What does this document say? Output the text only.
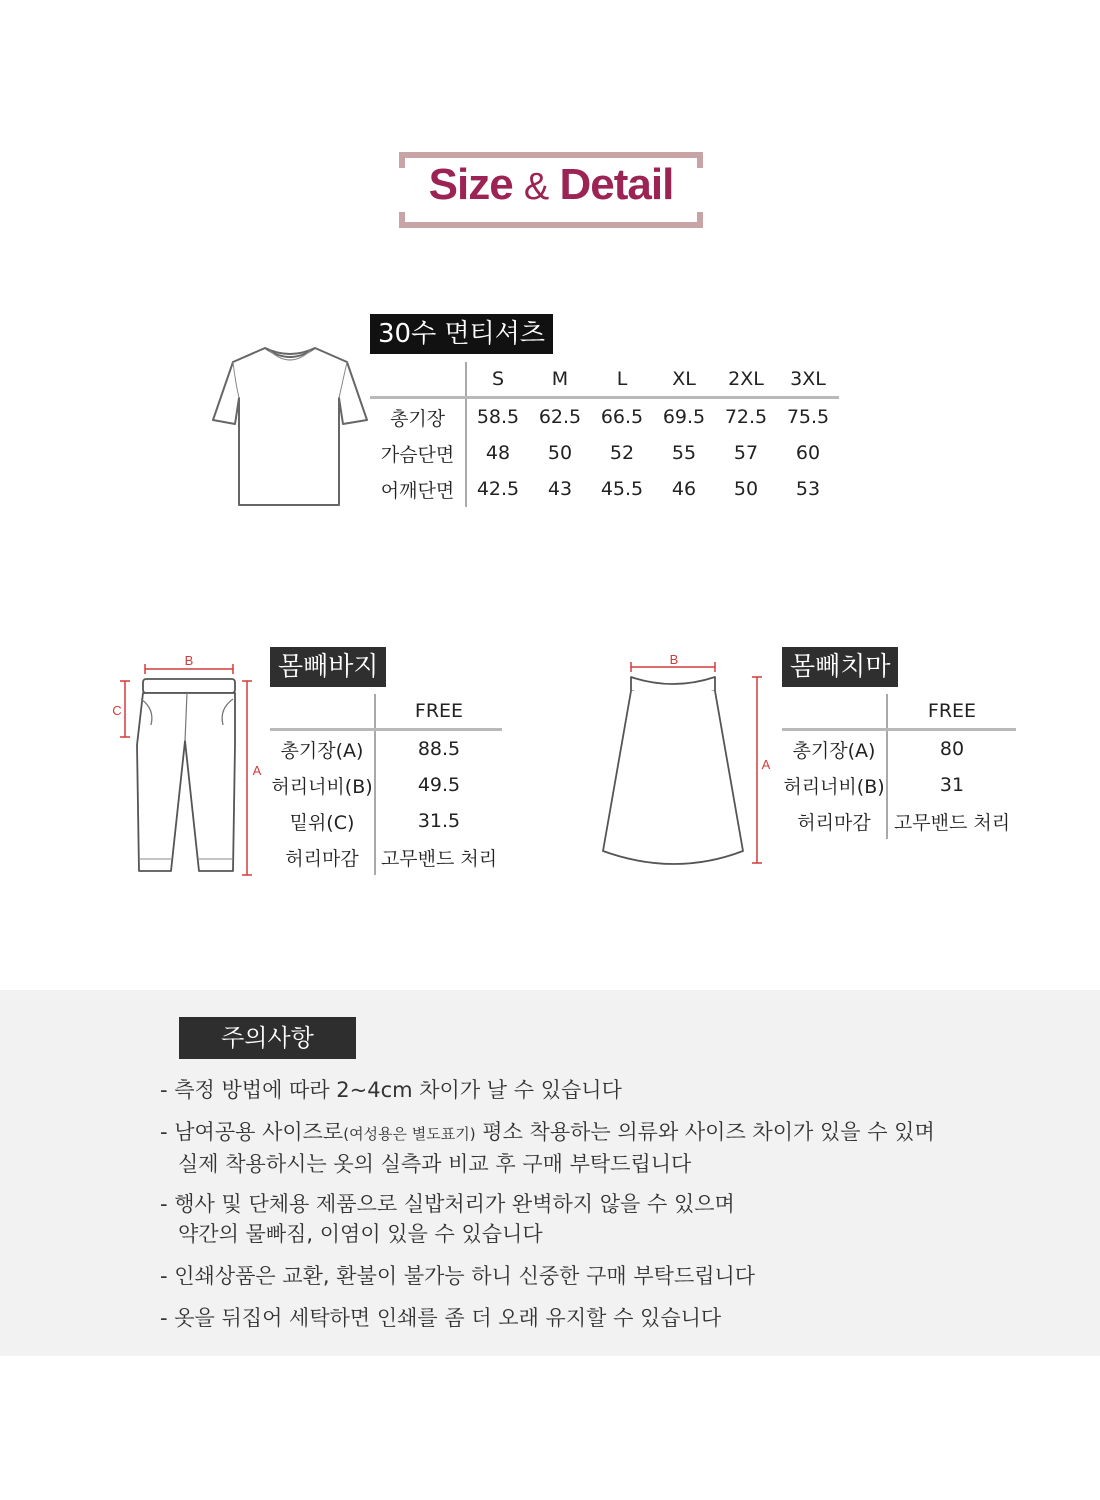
Size & Detail
30수 면티셔츠
	S	M	L	XL	2XL	3XL
총기장	58.5	62.5	66.5	69.5	72.5	75.5
가슴단면	48	50	52	55	57	60
어깨단면	42.5	43	45.5	46	50	53
B
C
A
몸빼바지
	FREE
총기장(A)	88.5
허리너비(B)	49.5
밑위(C)	31.5
허리마감	고무밴드 처리
B
A
몸빼치마
	FREE
총기장(A)	80
허리너비(B)	31
허리마감	고무밴드 처리
주의사항
- 측정 방법에 따라 2~4cm 차이가 날 수 있습니다
- 남여공용 사이즈로(여성용은 별도표기) 평소 착용하는 의류와 사이즈 차이가 있을 수 있며
실제 착용하시는 옷의 실측과 비교 후 구매 부탁드립니다
- 행사 및 단체용 제품으로 실밥처리가 완벽하지 않을 수 있으며
약간의 물빠짐, 이염이 있을 수 있습니다
- 인쇄상품은 교환, 환불이 불가능 하니 신중한 구매 부탁드립니다
- 옷을 뒤집어 세탁하면 인쇄를 좀 더 오래 유지할 수 있습니다
